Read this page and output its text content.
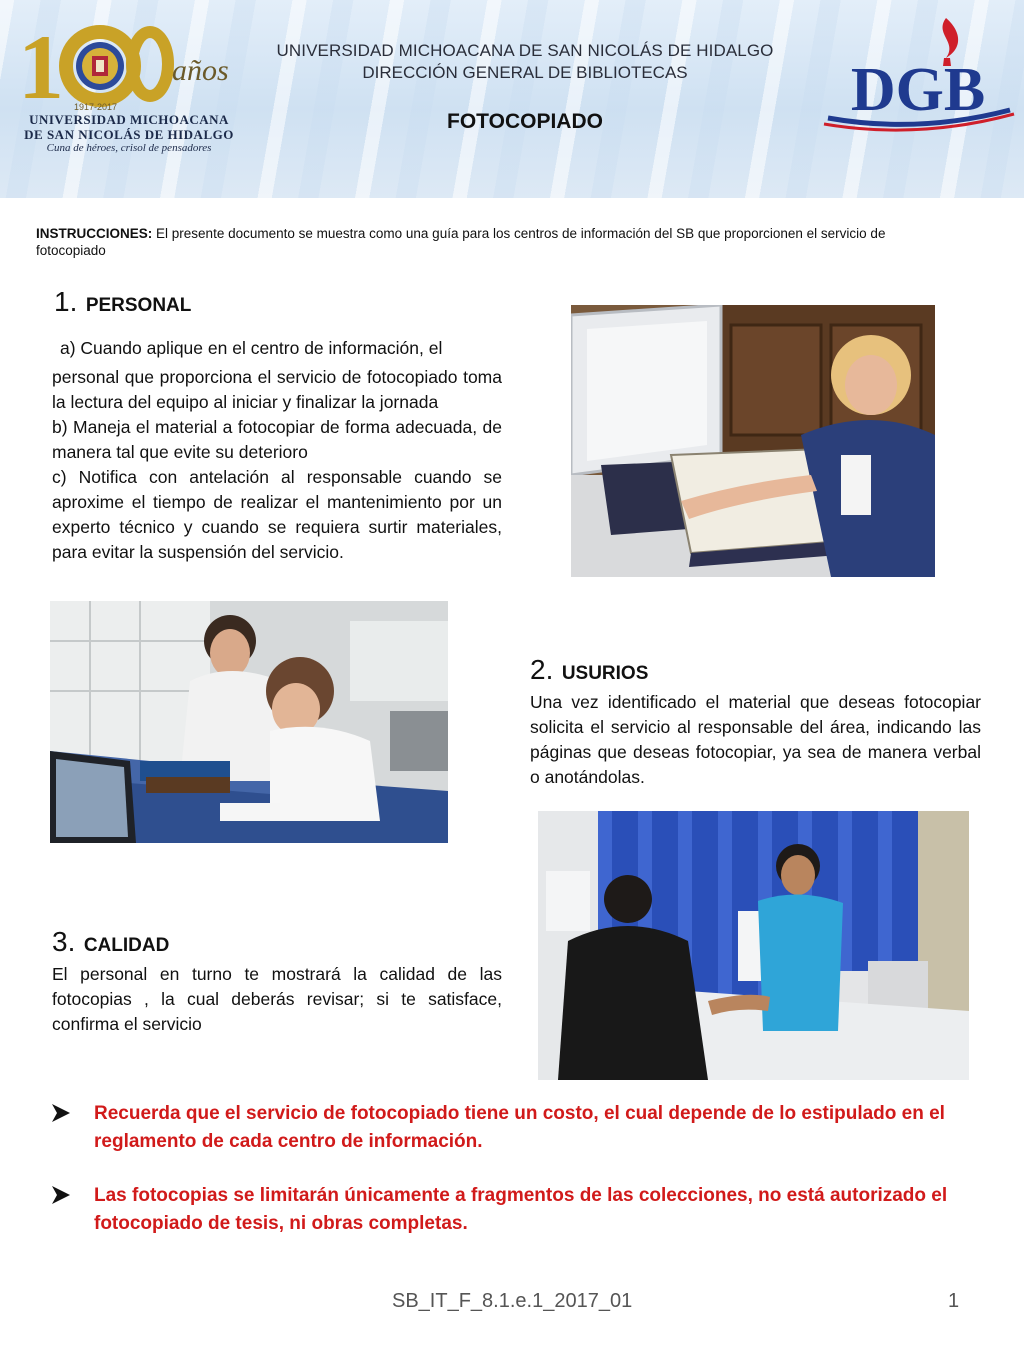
1	años
1917-2017
UNIVERSIDAD MICHOACANA
DE SAN NICOLÁS DE HIDALGO
Cuna de héroes, crisol de pensadores
UNIVERSIDAD MICHOACANA DE SAN NICOLÁS DE HIDALGO
DIRECCIÓN GENERAL DE BIBLIOTECAS
FOTOCOPIADO	DGB
INSTRUCCIONES: El presente documento se muestra como una guía para los centros de información del SB que proporcionen el servicio de fotocopiado
1. PERSONAL

a) Cuando aplique en el centro de información, el

personal que proporciona el servicio de fotocopiado toma la lectura del equipo al iniciar y finalizar la jornada

b) Maneja el material a fotocopiar de forma adecuada, de manera tal que evite su deterioro

c) Notifica con antelación al responsable cuando se aproxime el tiempo de realizar el mantenimiento por un experto técnico y cuando se requiera surtir materiales, para evitar la suspensión del servicio.

2. USURIOS

Una vez identificado el material que deseas fotocopiar solicita el servicio al responsable del área, indicando las páginas que deseas fotocopiar, ya sea de manera verbal o anotándolas.

3. CALIDAD

El personal en turno te mostrará la calidad de las fotocopias , la cual deberás revisar; si te satisface, confirma el servicio

Recuerda que el servicio de fotocopiado tiene un costo, el cual depende de lo estipulado en el reglamento de cada centro de información.
Las fotocopias se limitarán únicamente a fragmentos de las colecciones, no está autorizado el fotocopiado de tesis, ni obras completas.
SB_IT_F_8.1.e.1_2017_01	1
